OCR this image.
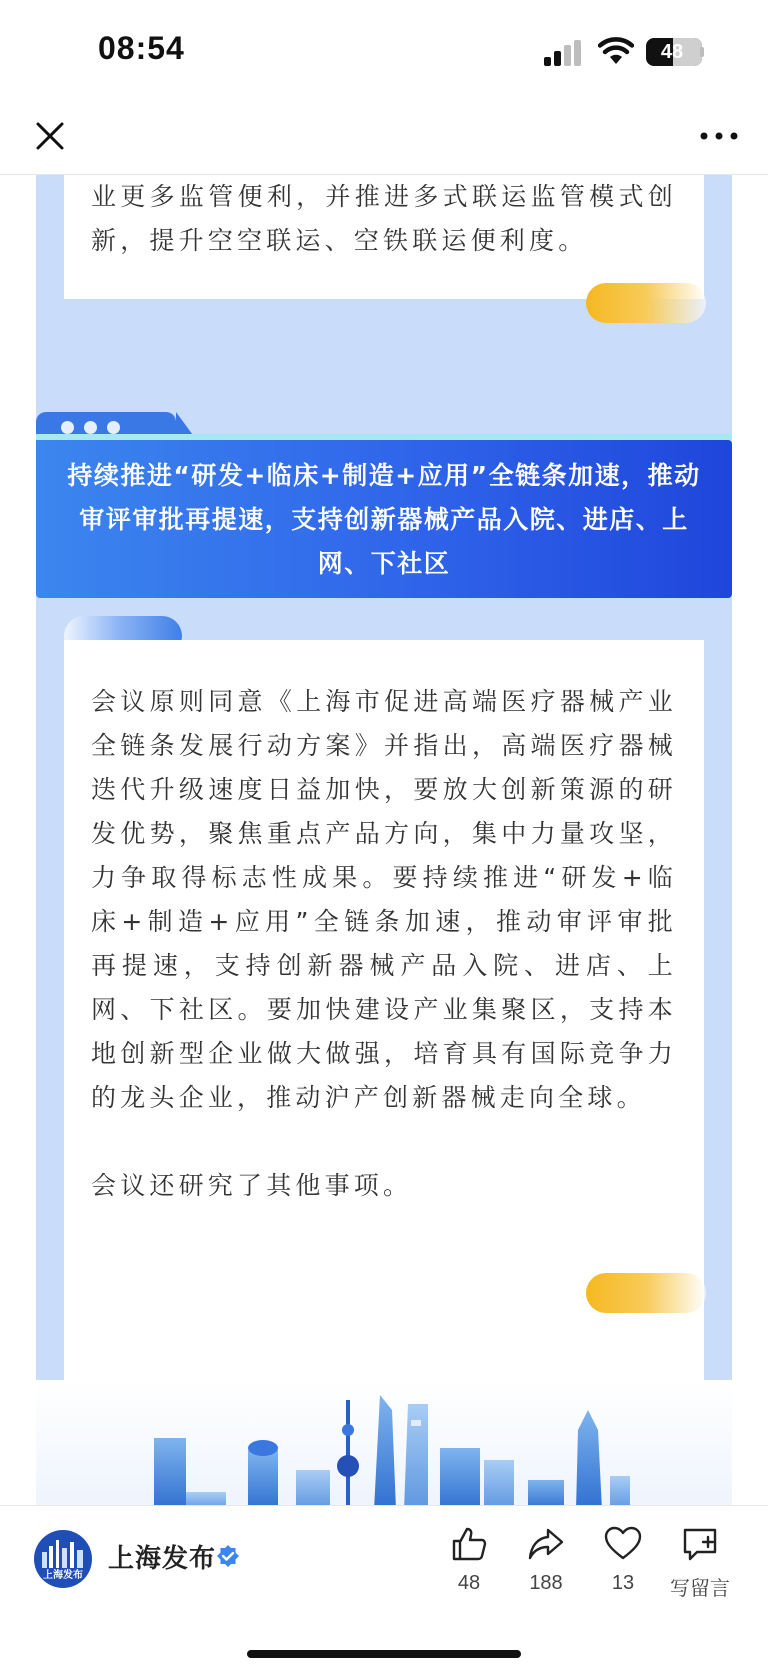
08:54	48
业更多监管便利，并推进多式联运监管模式创新，提升空空联运、空铁联运便利度。
持续推进“研发+临床+制造+应用”全链条加速，推动审评审批再提速，支持创新器械产品入院、进店、上网、下社区

会议原则同意《上海市促进高端医疗器械产业全链条发展行动方案》并指出，高端医疗器械迭代升级速度日益加快，要放大创新策源的研发优势，聚焦重点产品方向，集中力量攻坚，力争取得标志性成果。要持续推进“研发+临床+制造+应用”全链条加速，推动审评审批再提速，支持创新器械产品入院、进店、上网、下社区。要加快建设产业集聚区，支持本地创新型企业做大做强，培育具有国际竞争力的龙头企业，推动沪产创新器械走向全球。

会议还研究了其他事项。

上海发布
上海发布
48	188	13	写留言
